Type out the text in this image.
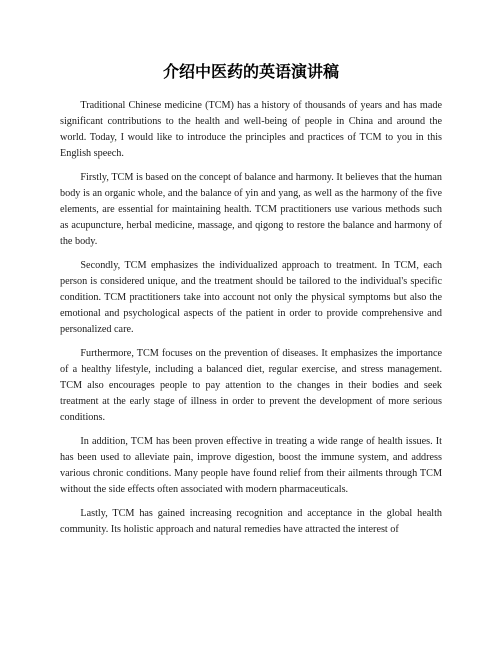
介绍中医药的英语演讲稿

Traditional Chinese medicine (TCM) has a history of thousands of years and has made significant contributions to the health and well-being of people in China and around the world. Today, I would like to introduce the principles and practices of TCM to you in this English speech.

Firstly, TCM is based on the concept of balance and harmony. It believes that the human body is an organic whole, and the balance of yin and yang, as well as the harmony of the five elements, are essential for maintaining health. TCM practitioners use various methods such as acupuncture, herbal medicine, massage, and qigong to restore the balance and harmony of the body.

Secondly, TCM emphasizes the individualized approach to treatment. In TCM, each person is considered unique, and the treatment should be tailored to the individual's specific condition. TCM practitioners take into account not only the physical symptoms but also the emotional and psychological aspects of the patient in order to provide comprehensive and personalized care.

Furthermore, TCM focuses on the prevention of diseases. It emphasizes the importance of a healthy lifestyle, including a balanced diet, regular exercise, and stress management. TCM also encourages people to pay attention to the changes in their bodies and seek treatment at the early stage of illness in order to prevent the development of more serious conditions.

In addition, TCM has been proven effective in treating a wide range of health issues. It has been used to alleviate pain, improve digestion, boost the immune system, and address various chronic conditions. Many people have found relief from their ailments through TCM without the side effects often associated with modern pharmaceuticals.

Lastly, TCM has gained increasing recognition and acceptance in the global health community. Its holistic approach and natural remedies have attracted the interest of
